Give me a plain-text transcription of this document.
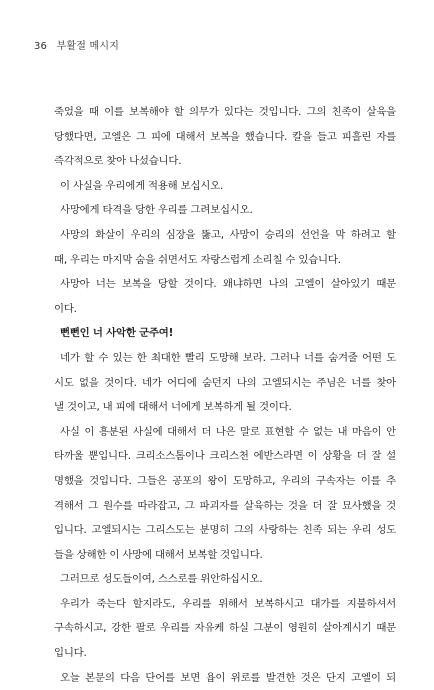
36 부활절 메시지
죽었을 때 이를 보복해야 할 의무가 있다는 것입니다. 그의 친족이 살육을
당했다면, 고엘은 그 피에 대해서 보복을 했습니다. 칼을 들고 피흘린 자를
즉각적으로 찾아 나섰습니다.
이 사실을 우리에게 적용해 보십시오.
사망에게 타격을 당한 우리를 그려보십시오.
사망의 화살이 우리의 심장을 뚫고, 사망이 승리의 선언을 막 하려고 할
때, 우리는 마지막 숨을 쉬면서도 자랑스럽게 소리칠 수 있습니다.
사망아 너는 보복을 당할 것이다. 왜냐하면 나의 고엘이 살아있기 때문
이다.
뻔뻔인 너 사악한 군주여!
네가 할 수 있는 한 최대한 빨리 도망해 보라. 그러나 너를 숨겨줄 어떤 도
시도 없을 것이다. 네가 어디에 숨던지 나의 고엘되시는 주님은 너를 찾아
낼 것이고, 내 피에 대해서 너에게 보복하게 될 것이다.
사실 이 흥분된 사실에 대해서 더 나은 말로 표현할 수 없는 내 마음이 안
타까울 뿐입니다. 크리소스톰이나 크리스천 에반스라면 이 상황을 더 잘 설
명했을 것입니다. 그들은 공포의 왕이 도망하고, 우리의 구속자는 이를 추
격해서 그 원수를 따라잡고, 그 파괴자를 살육하는 것을 더 잘 묘사했을 것
입니다. 고엘되시는 그리스도는 분명히 그의 사랑하는 친족 되는 우리 성도
들을 상해한 이 사망에 대해서 보복할 것입니다.
그러므로 성도들이여, 스스로를 위안하십시오.
우리가 죽는다 할지라도, 우리를 위해서 보복하시고 대가를 지불하셔서
구속하시고, 강한 팔로 우리를 자유케 하실 그분이 영원히 살아계시기 때문
입니다.
오늘 본문의 다음 단어를 보면 욥이 위로를 발견한 것은 단지 고엘이 되
